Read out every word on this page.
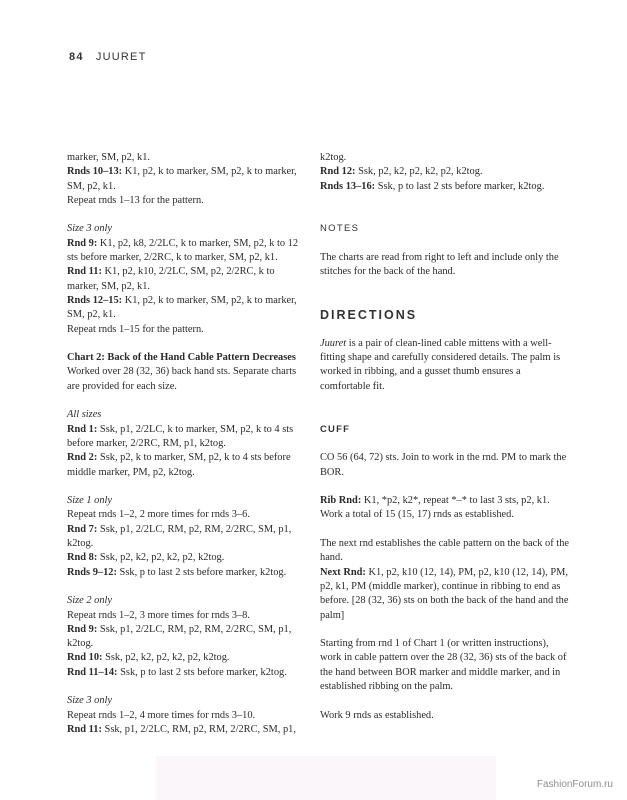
84 JUURET

marker, SM, p2, k1.

Rnds 10–13: K1, p2, k to marker, SM, p2, k to marker, SM, p2, k1.

Repeat rnds 1–13 for the pattern.

Size 3 only

Rnd 9: K1, p2, k8, 2/2LC, k to marker, SM, p2, k to 12 sts before marker, 2/2RC, k to marker, SM, p2, k1.

Rnd 11: K1, p2, k10, 2/2LC, SM, p2, 2/2RC, k to marker, SM, p2, k1.

Rnds 12–15: K1, p2, k to marker, SM, p2, k to marker, SM, p2, k1.

Repeat rnds 1–15 for the pattern.

Chart 2: Back of the Hand Cable Pattern Decreases

Worked over 28 (32, 36) back hand sts. Separate charts are provided for each size.

All sizes

Rnd 1: Ssk, p1, 2/2LC, k to marker, SM, p2, k to 4 sts before marker, 2/2RC, RM, p1, k2tog.

Rnd 2: Ssk, p2, k to marker, SM, p2, k to 4 sts before middle marker, PM, p2, k2tog.

Size 1 only

Repeat rnds 1–2, 2 more times for rnds 3–6.

Rnd 7: Ssk, p1, 2/2LC, RM, p2, RM, 2/2RC, SM, p1, k2tog.

Rnd 8: Ssk, p2, k2, p2, k2, p2, k2tog.

Rnds 9–12: Ssk, p to last 2 sts before marker, k2tog.

Size 2 only

Repeat rnds 1–2, 3 more times for rnds 3–8.

Rnd 9: Ssk, p1, 2/2LC, RM, p2, RM, 2/2RC, SM, p1, k2tog.

Rnd 10: Ssk, p2, k2, p2, k2, p2, k2tog.

Rnd 11–14: Ssk, p to last 2 sts before marker, k2tog.

Size 3 only

Repeat rnds 1–2, 4 more times for rnds 3–10.

Rnd 11: Ssk, p1, 2/2LC, RM, p2, RM, 2/2RC, SM, p1,

k2tog.

Rnd 12: Ssk, p2, k2, p2, k2, p2, k2tog.

Rnds 13–16: Ssk, p to last 2 sts before marker, k2tog.

NOTES

The charts are read from right to left and include only the stitches for the back of the hand.

DIRECTIONS

Juuret is a pair of clean-lined cable mittens with a well-fitting shape and carefully considered details. The palm is worked in ribbing, and a gusset thumb ensures a comfortable fit.

CUFF

CO 56 (64, 72) sts. Join to work in the rnd. PM to mark the BOR.

Rib Rnd: K1, *p2, k2*, repeat *–* to last 3 sts, p2, k1. Work a total of 15 (15, 17) rnds as established.

The next rnd establishes the cable pattern on the back of the hand.

Next Rnd: K1, p2, k10 (12, 14), PM, p2, k10 (12, 14), PM, p2, k1, PM (middle marker), continue in ribbing to end as before. [28 (32, 36) sts on both the back of the hand and the palm]

Starting from rnd 1 of Chart 1 (or written instructions), work in cable pattern over the 28 (32, 36) sts of the back of the hand between BOR marker and middle marker, and in established ribbing on the palm.

Work 9 rnds as established.

FashionForum.ru
